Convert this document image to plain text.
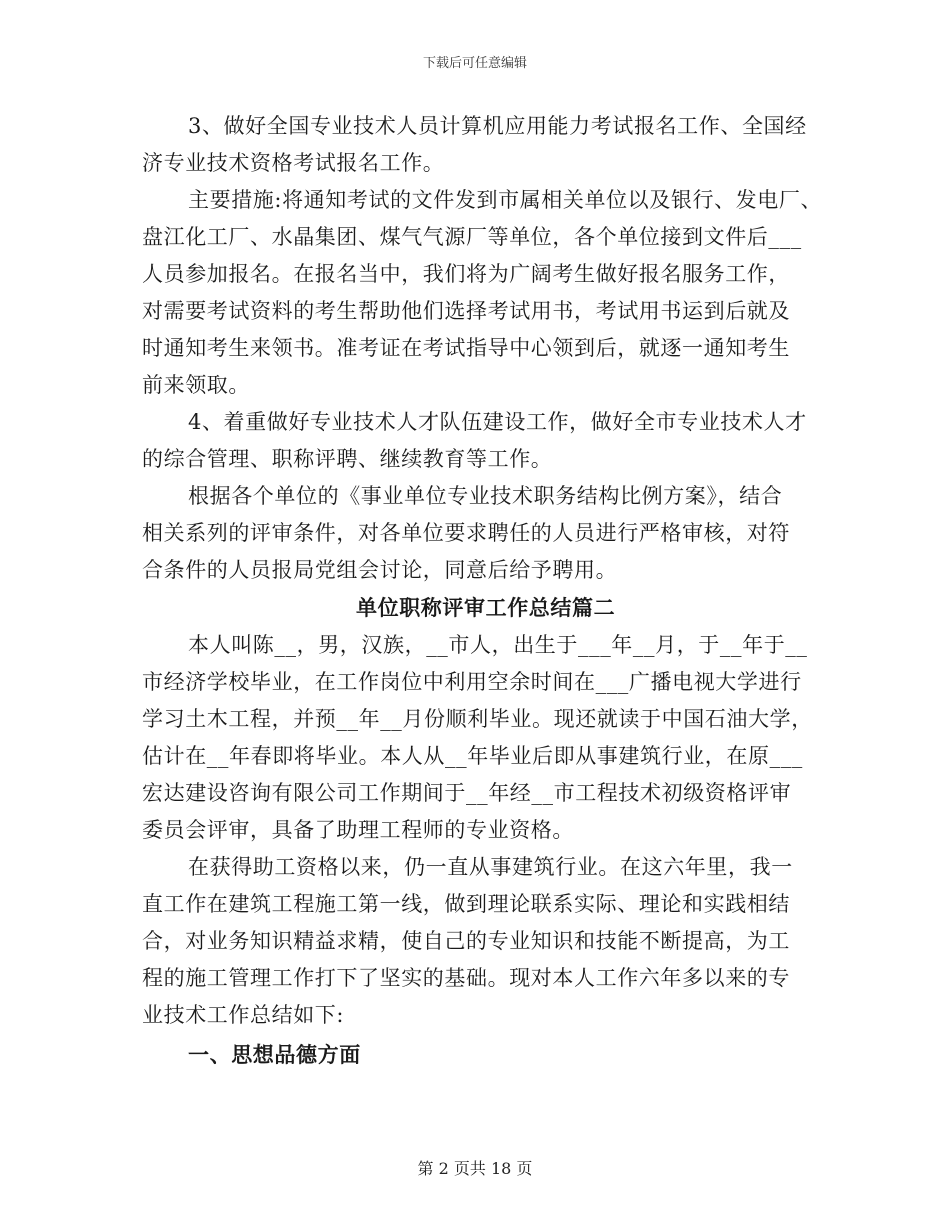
下载后可任意编辑
3、做好全国专业技术人员计算机应用能力考试报名工作、全国经
济专业技术资格考试报名工作。
主要措施:将通知考试的文件发到市属相关单位以及银行、发电厂、
盘江化工厂、水晶集团、煤气气源厂等单位，各个单位接到文件后___
人员参加报名。在报名当中，我们将为广阔考生做好报名服务工作，
对需要考试资料的考生帮助他们选择考试用书，考试用书运到后就及
时通知考生来领书。准考证在考试指导中心领到后，就逐一通知考生
前来领取。
4、着重做好专业技术人才队伍建设工作，做好全市专业技术人才
的综合管理、职称评聘、继续教育等工作。
根据各个单位的《事业单位专业技术职务结构比例方案》，结合
相关系列的评审条件，对各单位要求聘任的人员进行严格审核，对符
合条件的人员报局党组会讨论，同意后给予聘用。
单位职称评审工作总结篇二
本人叫陈__，男，汉族，__市人，出生于___年__月，于__年于__
市经济学校毕业，在工作岗位中利用空余时间在___广播电视大学进行
学习土木工程，并预__年__月份顺利毕业。现还就读于中国石油大学，
估计在__年春即将毕业。本人从__年毕业后即从事建筑行业，在原___
宏达建设咨询有限公司工作期间于__年经__市工程技术初级资格评审
委员会评审，具备了助理工程师的专业资格。
在获得助工资格以来，仍一直从事建筑行业。在这六年里，我一
直工作在建筑工程施工第一线，做到理论联系实际、理论和实践相结
合，对业务知识精益求精，使自己的专业知识和技能不断提高，为工
程的施工管理工作打下了坚实的基础。现对本人工作六年多以来的专
业技术工作总结如下:
一、思想品德方面
第 2 页共 18 页
